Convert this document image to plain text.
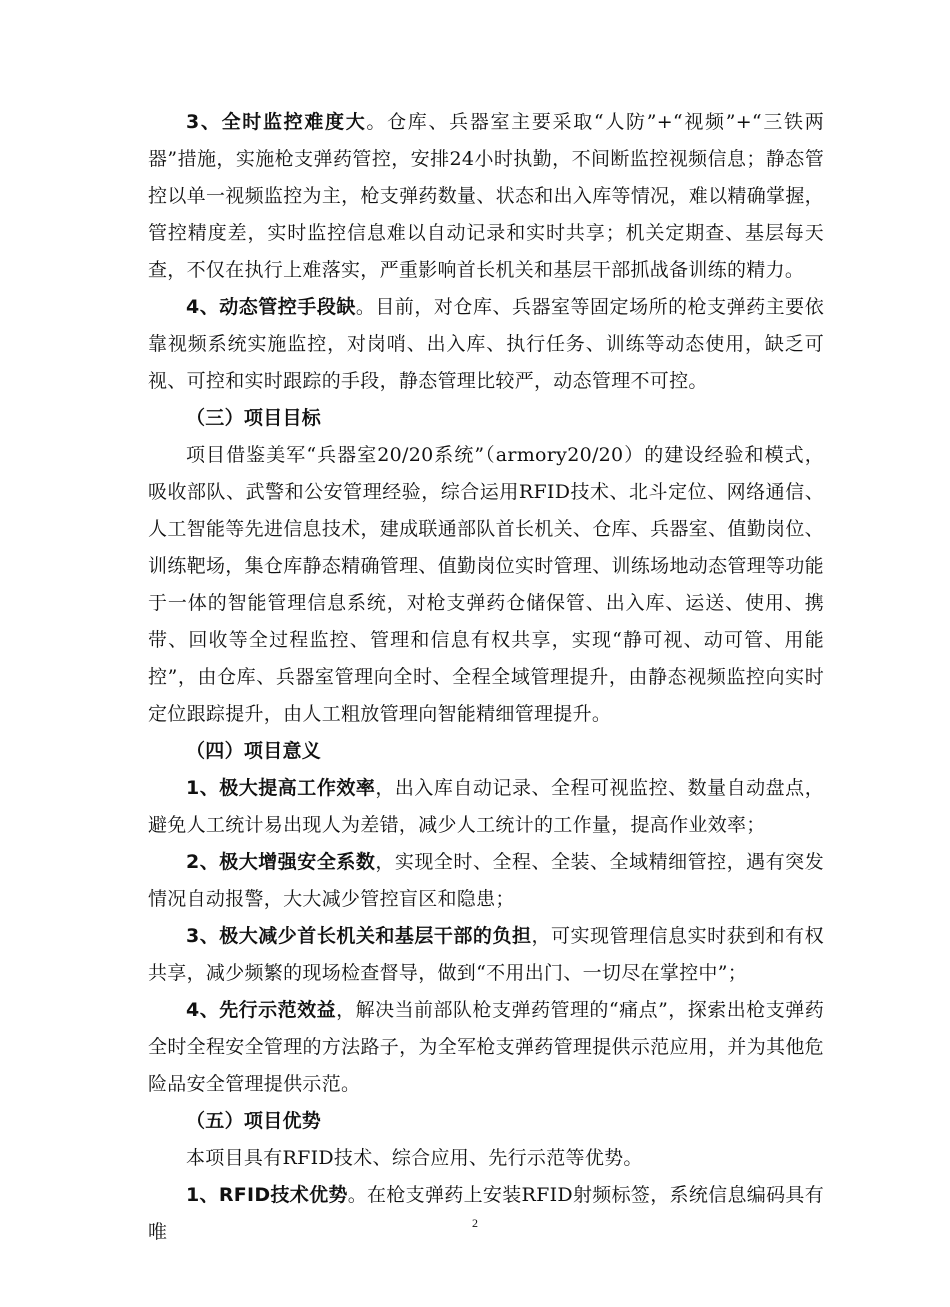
3、全时监控难度大。仓库、兵器室主要采取“人防”+“视频”+“三铁两器”措施，实施枪支弹药管控，安排24小时执勤，不间断监控视频信息；静态管控以单一视频监控为主，枪支弹药数量、状态和出入库等情况，难以精确掌握，管控精度差，实时监控信息难以自动记录和实时共享；机关定期查、基层每天查，不仅在执行上难落实，严重影响首长机关和基层干部抓战备训练的精力。

4、动态管控手段缺。目前，对仓库、兵器室等固定场所的枪支弹药主要依靠视频系统实施监控，对岗哨、出入库、执行任务、训练等动态使用，缺乏可视、可控和实时跟踪的手段，静态管理比较严，动态管理不可控。

（三）项目目标

项目借鉴美军“兵器室20/20系统”（armory20/20）的建设经验和模式，吸收部队、武警和公安管理经验，综合运用RFID技术、北斗定位、网络通信、人工智能等先进信息技术，建成联通部队首长机关、仓库、兵器室、值勤岗位、训练靶场，集仓库静态精确管理、值勤岗位实时管理、训练场地动态管理等功能于一体的智能管理信息系统，对枪支弹药仓储保管、出入库、运送、使用、携带、回收等全过程监控、管理和信息有权共享，实现“静可视、动可管、用能控”，由仓库、兵器室管理向全时、全程全域管理提升，由静态视频监控向实时定位跟踪提升，由人工粗放管理向智能精细管理提升。

（四）项目意义

1、极大提高工作效率，出入库自动记录、全程可视监控、数量自动盘点，避免人工统计易出现人为差错，减少人工统计的工作量，提高作业效率；

2、极大增强安全系数，实现全时、全程、全装、全域精细管控，遇有突发情况自动报警，大大减少管控盲区和隐患；

3、极大减少首长机关和基层干部的负担，可实现管理信息实时获到和有权共享，减少频繁的现场检查督导，做到“不用出门、一切尽在掌控中”；

4、先行示范效益，解决当前部队枪支弹药管理的“痛点”，探索出枪支弹药全时全程安全管理的方法路子，为全军枪支弹药管理提供示范应用，并为其他危险品安全管理提供示范。

（五）项目优势

本项目具有RFID技术、综合应用、先行示范等优势。

1、RFID技术优势。在枪支弹药上安装RFID射频标签，系统信息编码具有唯	2
